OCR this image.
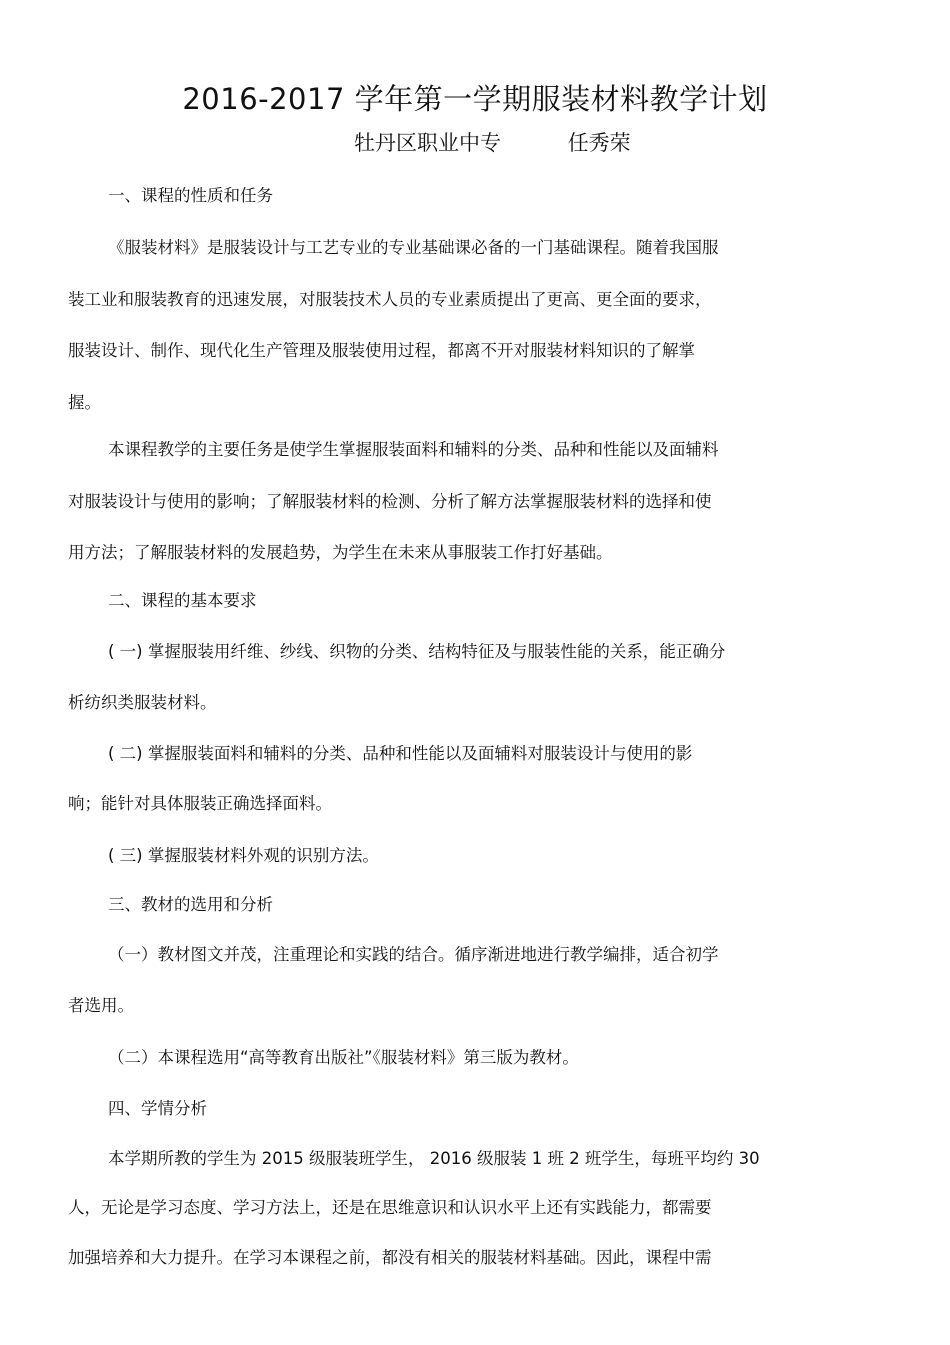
2016-2017 学年第一学期服装材料教学计划
牡丹区职业中专	任秀荣

一、课程的性质和任务

《服装材料》是服装设计与工艺专业的专业基础课必备的一门基础课程。随着我国服

装工业和服装教育的迅速发展，对服装技术人员的专业素质提出了更高、更全面的要求，

服装设计、制作、现代化生产管理及服装使用过程，都离不开对服装材料知识的了解掌

握。

本课程教学的主要任务是使学生掌握服装面料和辅料的分类、品种和性能以及面辅料

对服装设计与使用的影响；了解服装材料的检测、分析了解方法掌握服装材料的选择和使

用方法；了解服装材料的发展趋势，为学生在未来从事服装工作打好基础。

二、课程的基本要求

( 一) 掌握服装用纤维、纱线、织物的分类、结构特征及与服装性能的关系，能正确分

析纺织类服装材料。

( 二) 掌握服装面料和辅料的分类、品种和性能以及面辅料对服装设计与使用的影

响；能针对具体服装正确选择面料。

( 三) 掌握服装材料外观的识别方法。

三、教材的选用和分析

（一）教材图文并茂，注重理论和实践的结合。循序渐进地进行教学编排，适合初学

者选用。

（二）本课程选用“高等教育出版社”《服装材料》第三版为教材。

四、学情分析

本学期所教的学生为 2015 级服装班学生， 2016 级服装 1 班 2 班学生，每班平均约 30

人，无论是学习态度、学习方法上，还是在思维意识和认识水平上还有实践能力，都需要

加强培养和大力提升。在学习本课程之前，都没有相关的服装材料基础。因此，课程中需
